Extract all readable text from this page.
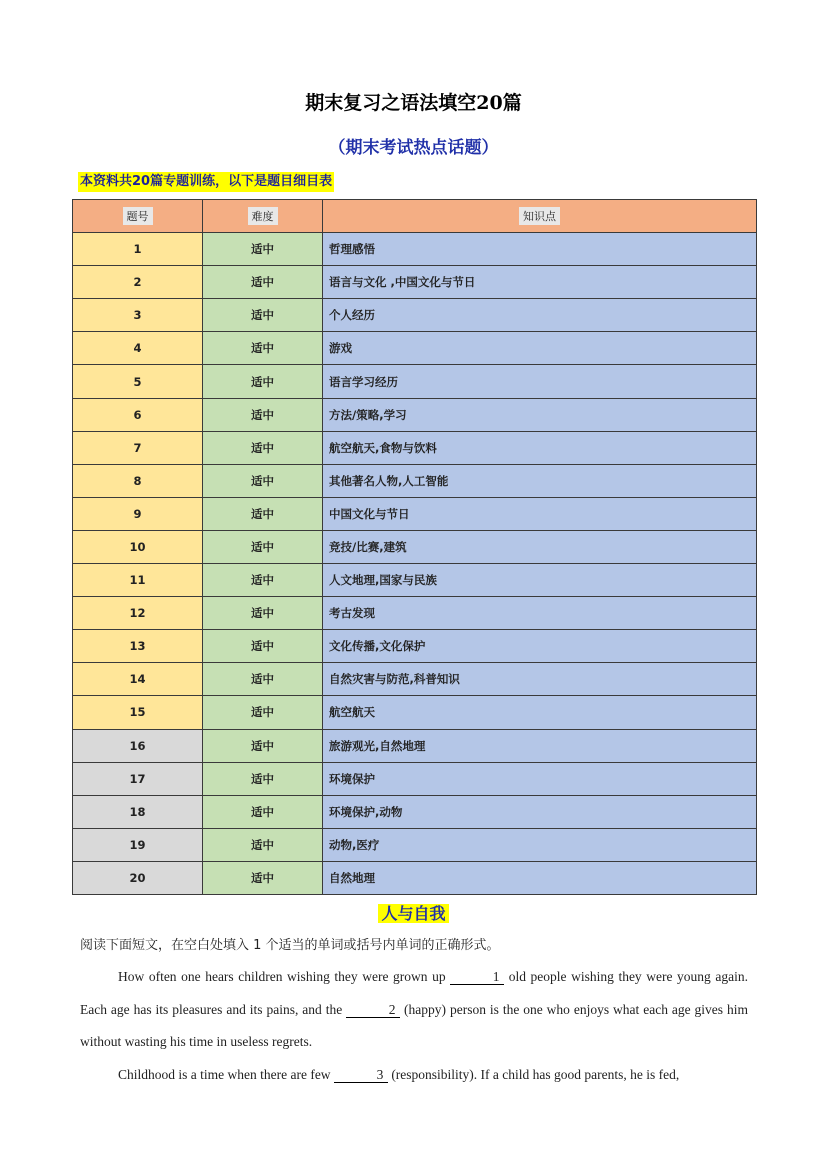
期末复习之语法填空20篇
（期末考试热点话题）
本资料共20篇专题训练，以下是题目细目表
题号	难度	知识点
1	适中	哲理感悟
2	适中	语言与文化 ,中国文化与节日
3	适中	个人经历
4	适中	游戏
5	适中	语言学习经历
6	适中	方法/策略,学习
7	适中	航空航天,食物与饮料
8	适中	其他著名人物,人工智能
9	适中	中国文化与节日
10	适中	竞技/比赛,建筑
11	适中	人文地理,国家与民族
12	适中	考古发现
13	适中	文化传播,文化保护
14	适中	自然灾害与防范,科普知识
15	适中	航空航天
16	适中	旅游观光,自然地理
17	适中	环境保护
18	适中	环境保护,动物
19	适中	动物,医疗
20	适中	自然地理
人与自我
阅读下面短文，在空白处填入 1 个适当的单词或括号内单词的正确形式。
How often one hears children wishing they were grown up	1 old people wishing they were young again. Each age has its pleasures and its pains, and the	2 (happy) person is the one who enjoys what each age gives him without wasting his time in useless regrets.
Childhood is a time when there are few	3 (responsibility). If a child has good parents, he is fed,
